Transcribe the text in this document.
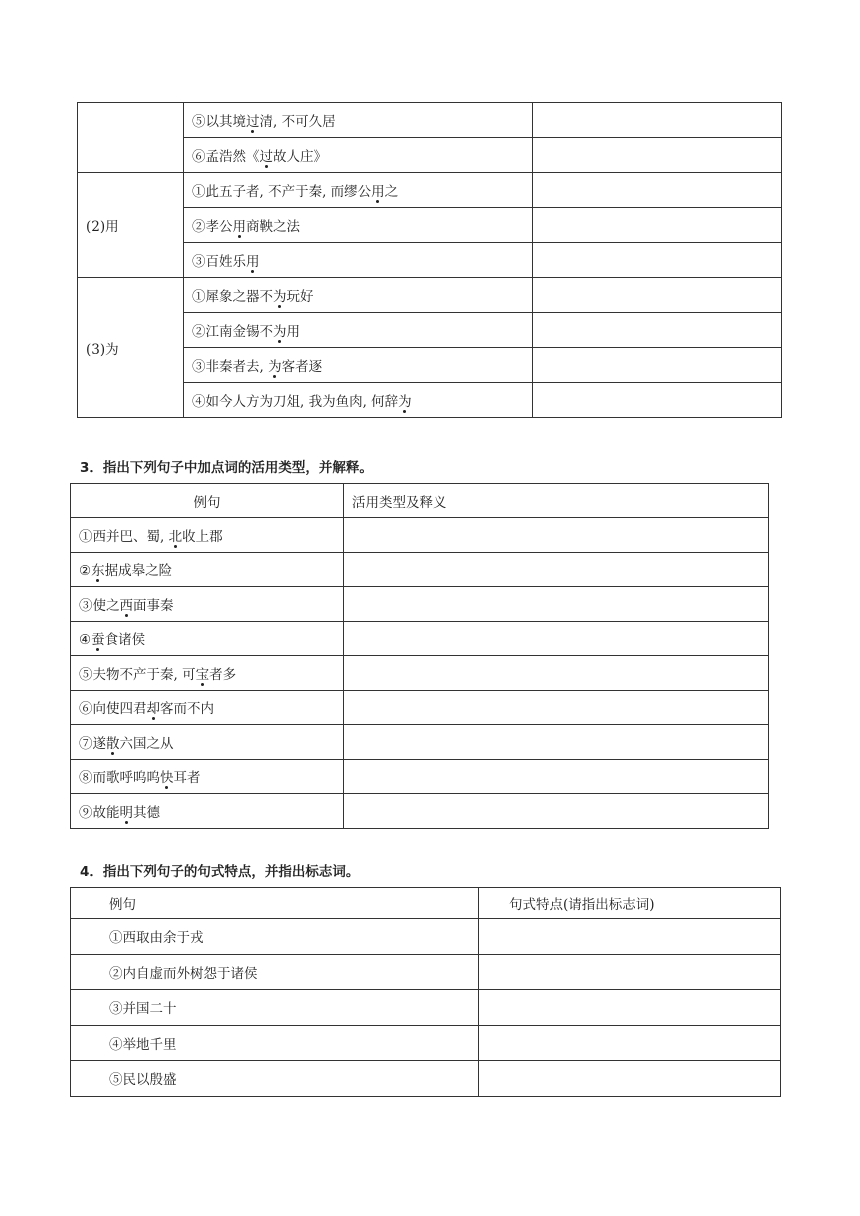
	⑤以其境过清, 不可久居	
	⑥孟浩然《过故人庄》	
(2)用	①此五子者, 不产于秦, 而缪公用之	
	②孝公用商鞅之法	
	③百姓乐用	
(3)为	①犀象之器不为玩好	
	②江南金锡不为用	
	③非秦者去, 为客者逐	
	④如今人方为刀俎, 我为鱼肉, 何辞为	
3．指出下列句子中加点词的活用类型，并解释。
例句	活用类型及释义
①西并巴、蜀, 北收上郡	
②东据成皋之险	
③使之西面事秦	
④蚕食诸侯	
⑤夫物不产于秦, 可宝者多	
⑥向使四君却客而不内	
⑦遂散六国之从	
⑧而歌呼呜呜快耳者	
⑨故能明其德	
4．指出下列句子的句式特点，并指出标志词。
例句	句式特点(请指出标志词)
①西取由余于戎	
②内自虚而外树怨于诸侯	
③并国二十	
④举地千里	
⑤民以殷盛	
